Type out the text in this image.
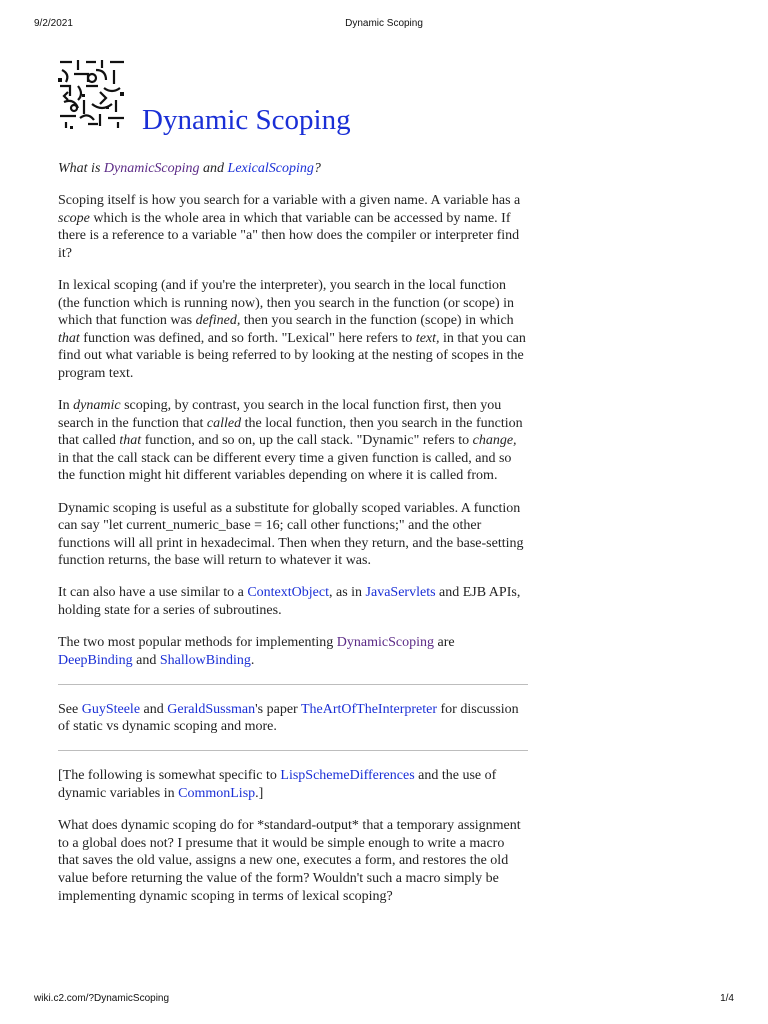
9/2/2021	Dynamic Scoping
Dynamic Scoping

What is DynamicScoping and LexicalScoping?

Scoping itself is how you search for a variable with a given name. A variable has a scope which is the whole area in which that variable can be accessed by name. If there is a reference to a variable "a" then how does the compiler or interpreter find it?

In lexical scoping (and if you're the interpreter), you search in the local function (the function which is running now), then you search in the function (or scope) in which that function was defined, then you search in the function (scope) in which that function was defined, and so forth. "Lexical" here refers to text, in that you can find out what variable is being referred to by looking at the nesting of scopes in the program text.

In dynamic scoping, by contrast, you search in the local function first, then you search in the function that called the local function, then you search in the function that called that function, and so on, up the call stack. "Dynamic" refers to change, in that the call stack can be different every time a given function is called, and so the function might hit different variables depending on where it is called from.

Dynamic scoping is useful as a substitute for globally scoped variables. A function can say "let current_numeric_base = 16; call other functions;" and the other functions will all print in hexadecimal. Then when they return, and the base-setting function returns, the base will return to whatever it was.

It can also have a use similar to a ContextObject, as in JavaServlets and EJB APIs, holding state for a series of subroutines.

The two most popular methods for implementing DynamicScoping are DeepBinding and ShallowBinding.

See GuySteele and GeraldSussman's paper TheArtOfTheInterpreter for discussion of static vs dynamic scoping and more.

[The following is somewhat specific to LispSchemeDifferences and the use of dynamic variables in CommonLisp.]

What does dynamic scoping do for *standard-output* that a temporary assignment to a global does not? I presume that it would be simple enough to write a macro that saves the old value, assigns a new one, executes a form, and restores the old value before returning the value of the form? Wouldn't such a macro simply be implementing dynamic scoping in terms of lexical scoping?

wiki.c2.com/?DynamicScoping	1/4
